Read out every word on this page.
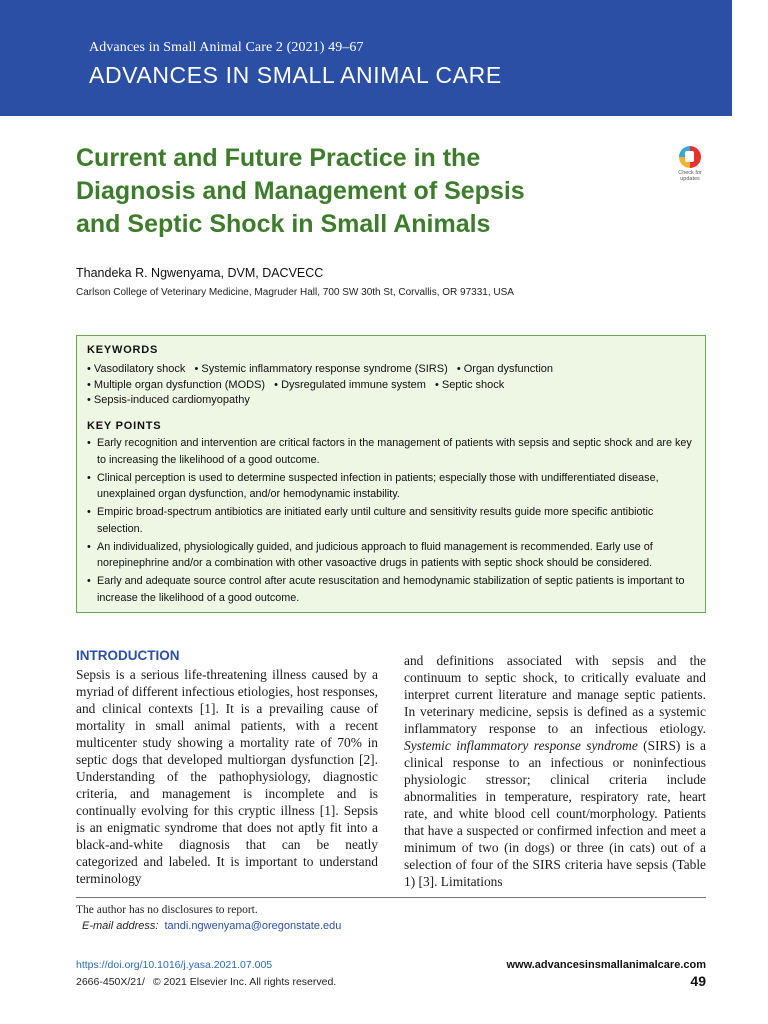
Advances in Small Animal Care 2 (2021) 49–67
ADVANCES IN SMALL ANIMAL CARE
Current and Future Practice in the
Diagnosis and Management of Sepsis
and Septic Shock in Small Animals
Check for
updates
Thandeka R. Ngwenyama, DVM, DACVECC
Carlson College of Veterinary Medicine, Magruder Hall, 700 SW 30th St, Corvallis, OR 97331, USA
KEYWORDS
• Vasodilatory shock • Systemic inflammatory response syndrome (SIRS) • Organ dysfunction
• Multiple organ dysfunction (MODS) • Dysregulated immune system • Septic shock
• Sepsis-induced cardiomyopathy
KEY POINTS
• Early recognition and intervention are critical factors in the management of patients with sepsis and septic shock and are key to increasing the likelihood of a good outcome.
• Clinical perception is used to determine suspected infection in patients; especially those with undifferentiated disease, unexplained organ dysfunction, and/or hemodynamic instability.
• Empiric broad-spectrum antibiotics are initiated early until culture and sensitivity results guide more specific antibiotic selection.
• An individualized, physiologically guided, and judicious approach to fluid management is recommended. Early use of norepinephrine and/or a combination with other vasoactive drugs in patients with septic shock should be considered.
• Early and adequate source control after acute resuscitation and hemodynamic stabilization of septic patients is important to increase the likelihood of a good outcome.
INTRODUCTION

Sepsis is a serious life-threatening illness caused by a myriad of different infectious etiologies, host responses, and clinical contexts [1]. It is a prevailing cause of mortality in small animal patients, with a recent multicenter study showing a mortality rate of 70% in septic dogs that developed multiorgan dysfunction [2]. Understanding of the pathophysiology, diagnostic criteria, and management is incomplete and is continually evolving for this cryptic illness [1]. Sepsis is an enigmatic syndrome that does not aptly fit into a black-and-white diagnosis that can be neatly categorized and labeled. It is important to understand terminology

and definitions associated with sepsis and the continuum to septic shock, to critically evaluate and interpret current literature and manage septic patients. In veterinary medicine, sepsis is defined as a systemic inflammatory response to an infectious etiology. Systemic inflammatory response syndrome (SIRS) is a clinical response to an infectious or noninfectious physiologic stressor; clinical criteria include abnormalities in temperature, respiratory rate, heart rate, and white blood cell count/morphology. Patients that have a suspected or confirmed infection and meet a minimum of two (in dogs) or three (in cats) out of a selection of four of the SIRS criteria have sepsis (Table 1) [3]. Limitations

The author has no disclosures to report.
E-mail address: tandi.ngwenyama@oregonstate.edu
https://doi.org/10.1016/j.yasa.2021.07.005
2666-450X/21/ © 2021 Elsevier Inc. All rights reserved.
www.advancesinsmallanimalcare.com
49
